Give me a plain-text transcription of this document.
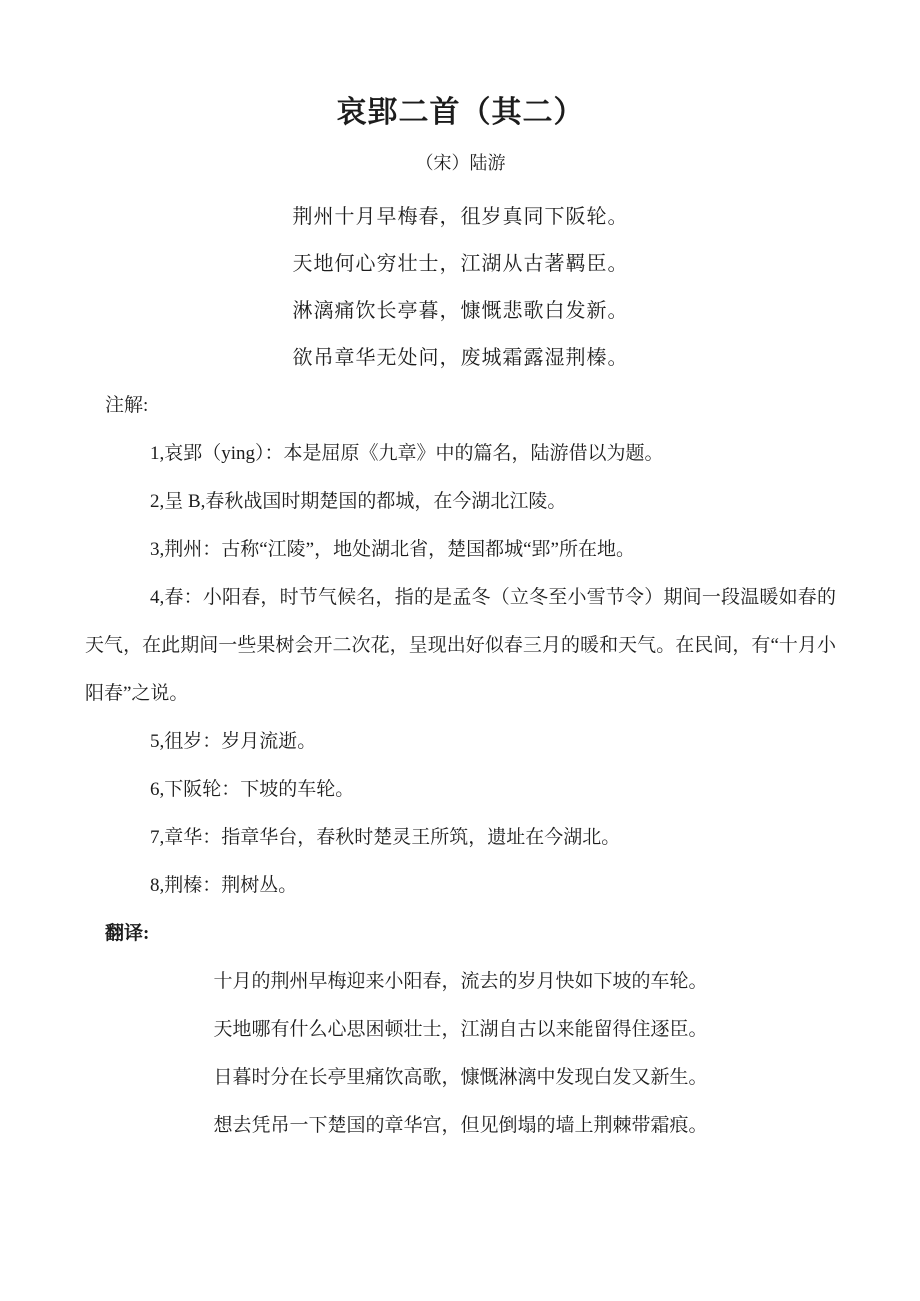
哀郢二首（其二）
（宋）陆游
荆州十月早梅春，徂岁真同下阪轮。
天地何心穷壮士，江湖从古著羁臣。
淋漓痛饮长亭暮，慷慨悲歌白发新。
欲吊章华无处问，废城霜露湿荆榛。
注解:

1,哀郢（ying）：本是屈原《九章》中的篇名，陆游借以为题。

2,呈 B,春秋战国时期楚国的都城，在今湖北江陵。

3,荆州：古称“江陵”，地处湖北省，楚国都城“郢”所在地。

4,春：小阳春，时节气候名，指的是孟冬（立冬至小雪节令）期间一段温暖如春的天气，在此期间一些果树会开二次花，呈现出好似春三月的暖和天气。在民间，有“十月小阳春”之说。

5,徂岁：岁月流逝。

6,下阪轮：下坡的车轮。

7,章华：指章华台，春秋时楚灵王所筑，遗址在今湖北。

8,荆榛：荆树丛。

翻译:
十月的荆州早梅迎来小阳春，流去的岁月快如下坡的车轮。
天地哪有什么心思困顿壮士，江湖自古以来能留得住逐臣。
日暮时分在长亭里痛饮高歌，慷慨淋漓中发现白发又新生。
想去凭吊一下楚国的章华宫，但见倒塌的墙上荆棘带霜痕。
